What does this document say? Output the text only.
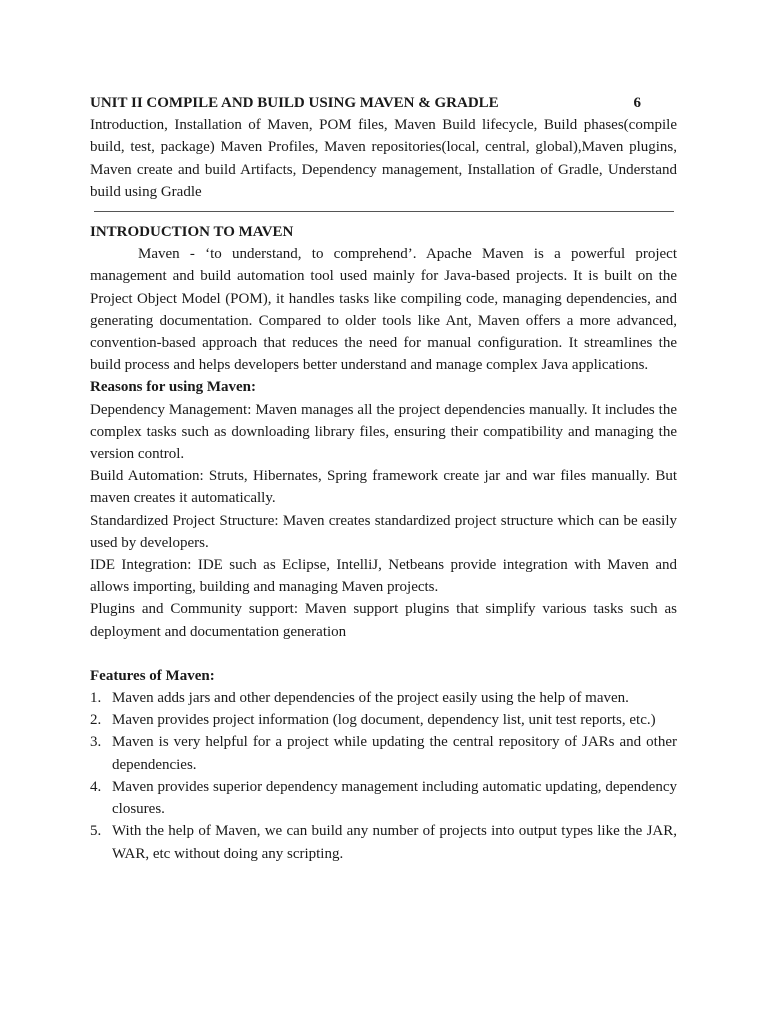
UNIT II COMPILE AND BUILD USING MAVEN & GRADLE	6

Introduction, Installation of Maven, POM files, Maven Build lifecycle, Build phases(compile build, test, package) Maven Profiles, Maven repositories(local, central, global),Maven plugins, Maven create and build Artifacts, Dependency management, Installation of Gradle, Understand build using Gradle

INTRODUCTION TO MAVEN

Maven - ‘to understand, to comprehend’. Apache Maven is a powerful project management and build automation tool used mainly for Java-based projects. It is built on the Project Object Model (POM), it handles tasks like compiling code, managing dependencies, and generating documentation. Compared to older tools like Ant, Maven offers a more advanced, convention-based approach that reduces the need for manual configuration. It streamlines the build process and helps developers better understand and manage complex Java applications.

Reasons for using Maven:

Dependency Management: Maven manages all the project dependencies manually. It includes the complex tasks such as downloading library files, ensuring their compatibility and managing the version control.

Build Automation: Struts, Hibernates, Spring framework create jar and war files manually. But maven creates it automatically.

Standardized Project Structure: Maven creates standardized project structure which can be easily used by developers.

IDE Integration: IDE such as Eclipse, IntelliJ, Netbeans provide integration with Maven and allows importing, building and managing Maven projects.

Plugins and Community support: Maven support plugins that simplify various tasks such as deployment and documentation generation

Features of Maven:

1. Maven adds jars and other dependencies of the project easily using the help of maven.
2. Maven provides project information (log document, dependency list, unit test reports, etc.)
3. Maven is very helpful for a project while updating the central repository of JARs and other dependencies.
4. Maven provides superior dependency management including automatic updating, dependency closures.
5. With the help of Maven, we can build any number of projects into output types like the JAR, WAR, etc without doing any scripting.
